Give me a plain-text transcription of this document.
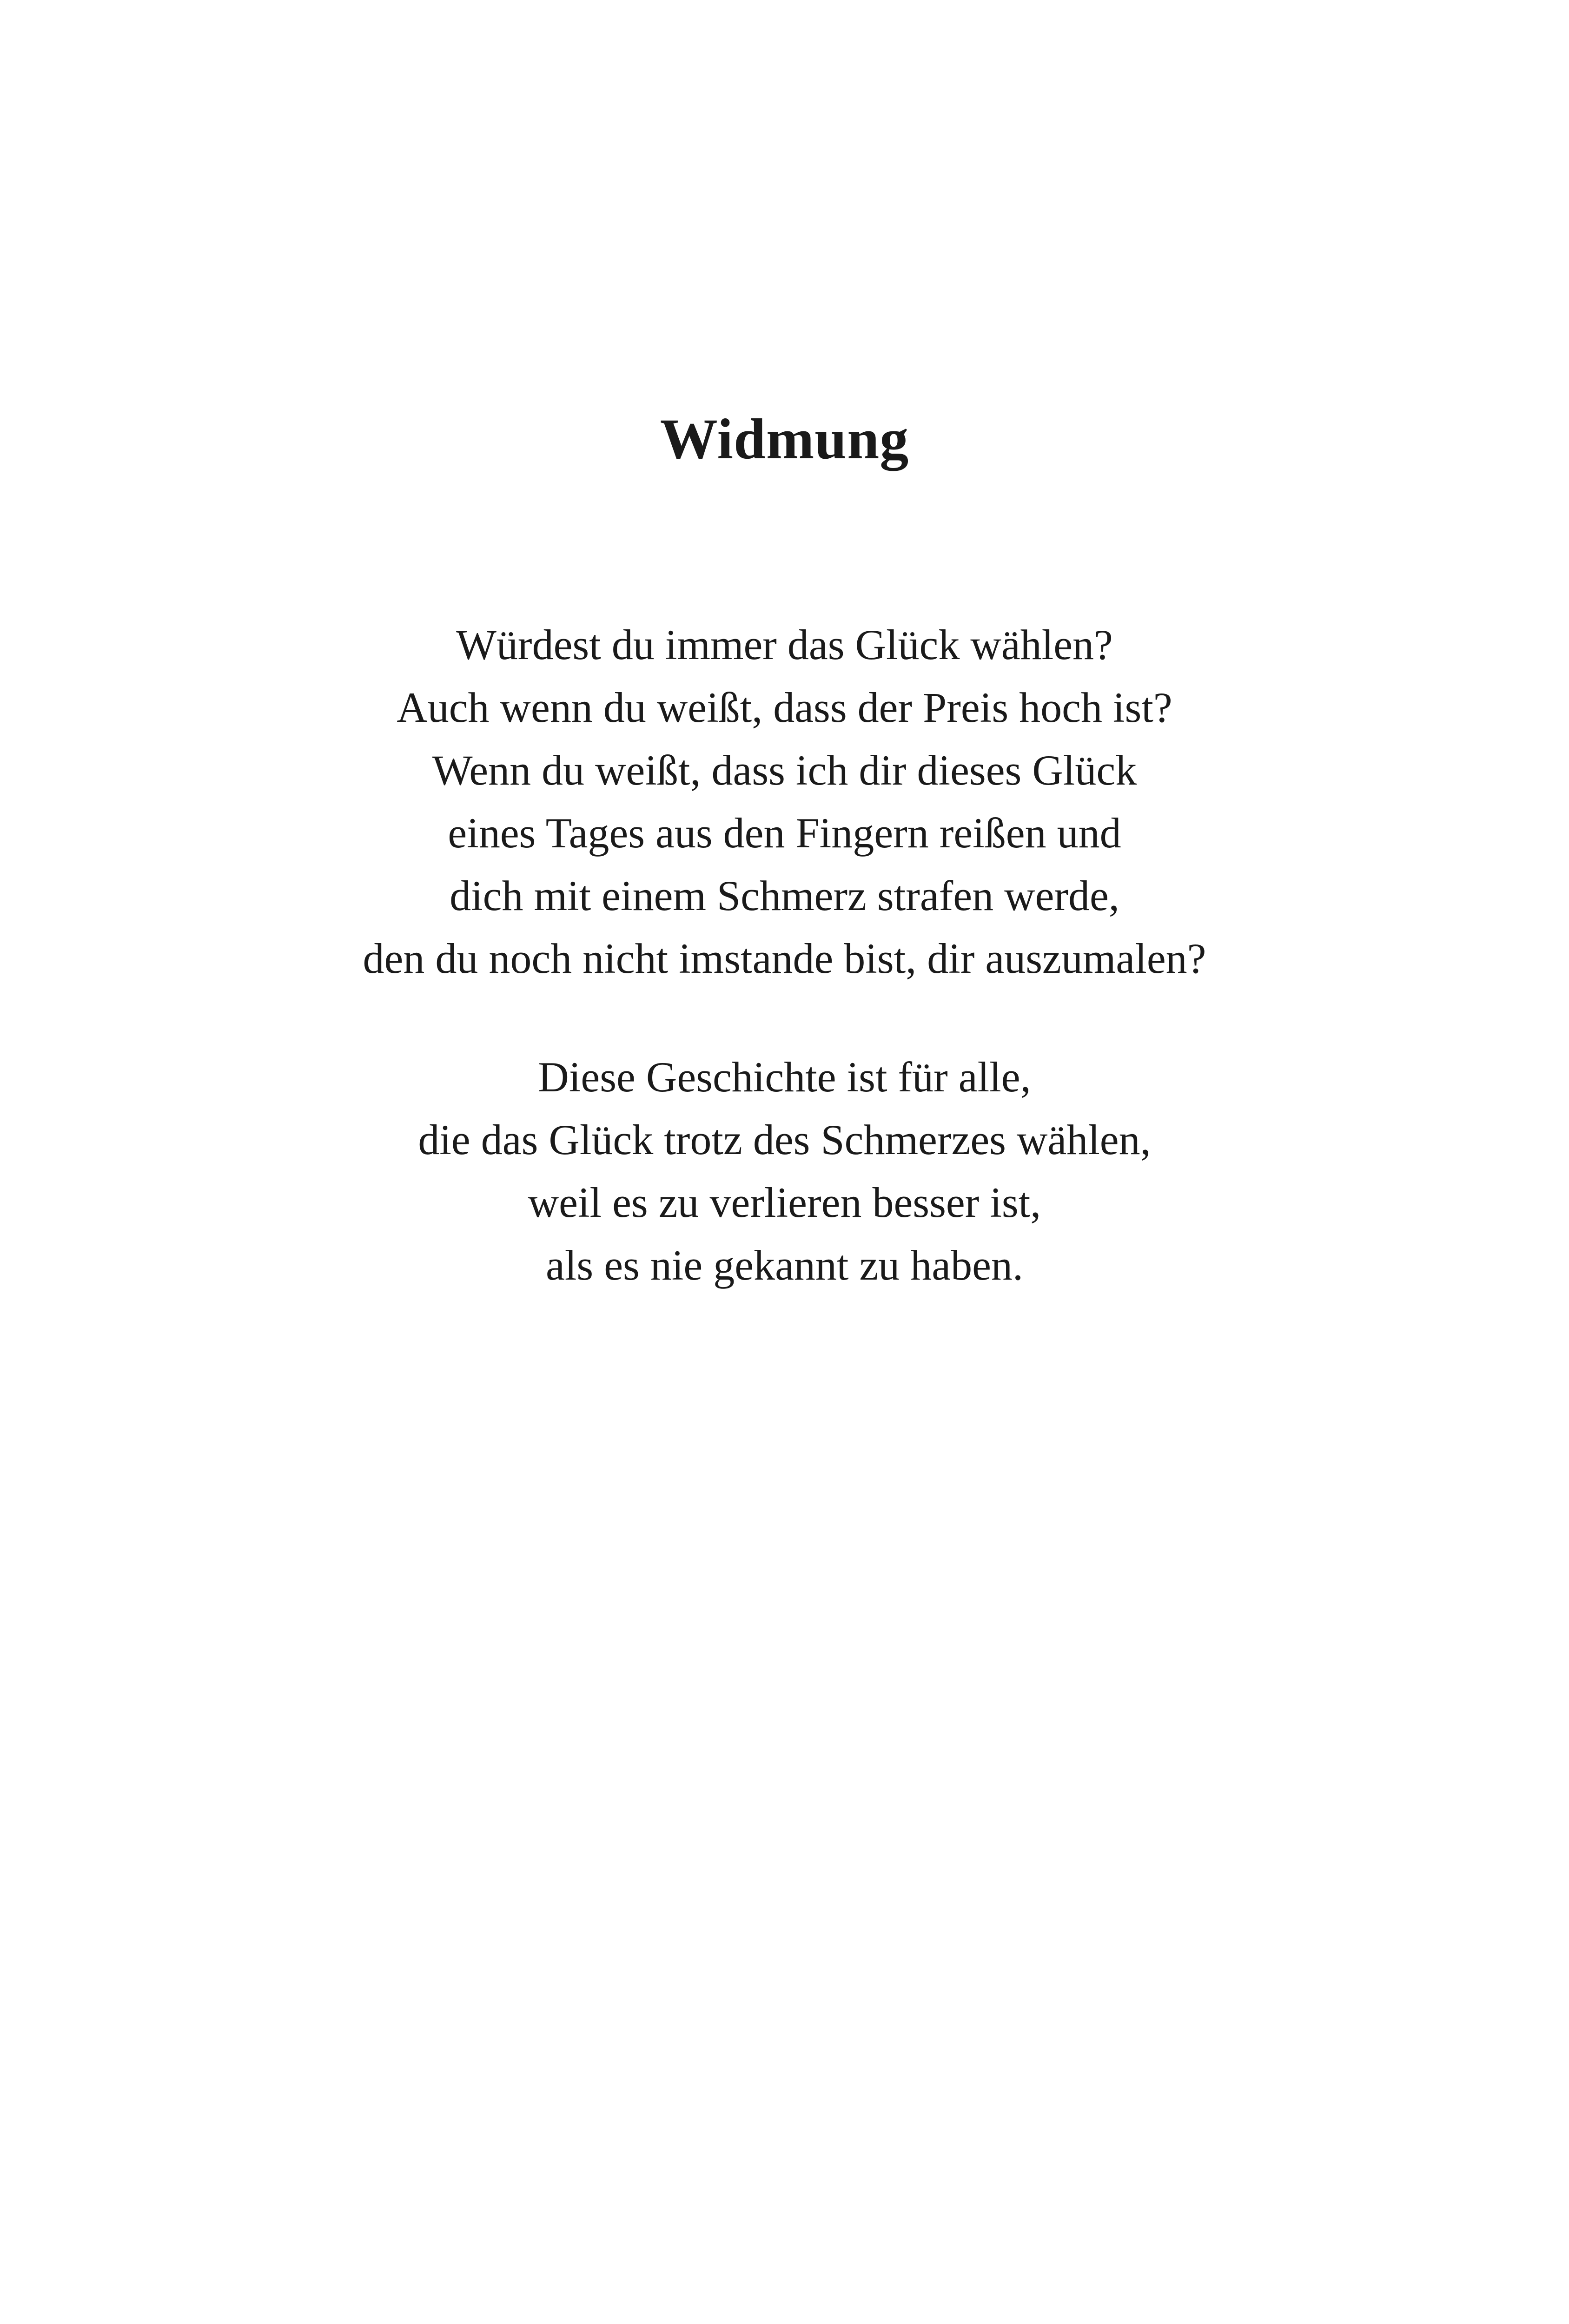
Widmung
Würdest du immer das Glück wählen?
Auch wenn du weißt, dass der Preis hoch ist?
Wenn du weißt, dass ich dir dieses Glück
eines Tages aus den Fingern reißen und
dich mit einem Schmerz strafen werde,
den du noch nicht imstande bist, dir auszumalen?
Diese Geschichte ist für alle,
die das Glück trotz des Schmerzes wählen,
weil es zu verlieren besser ist,
als es nie gekannt zu haben.
